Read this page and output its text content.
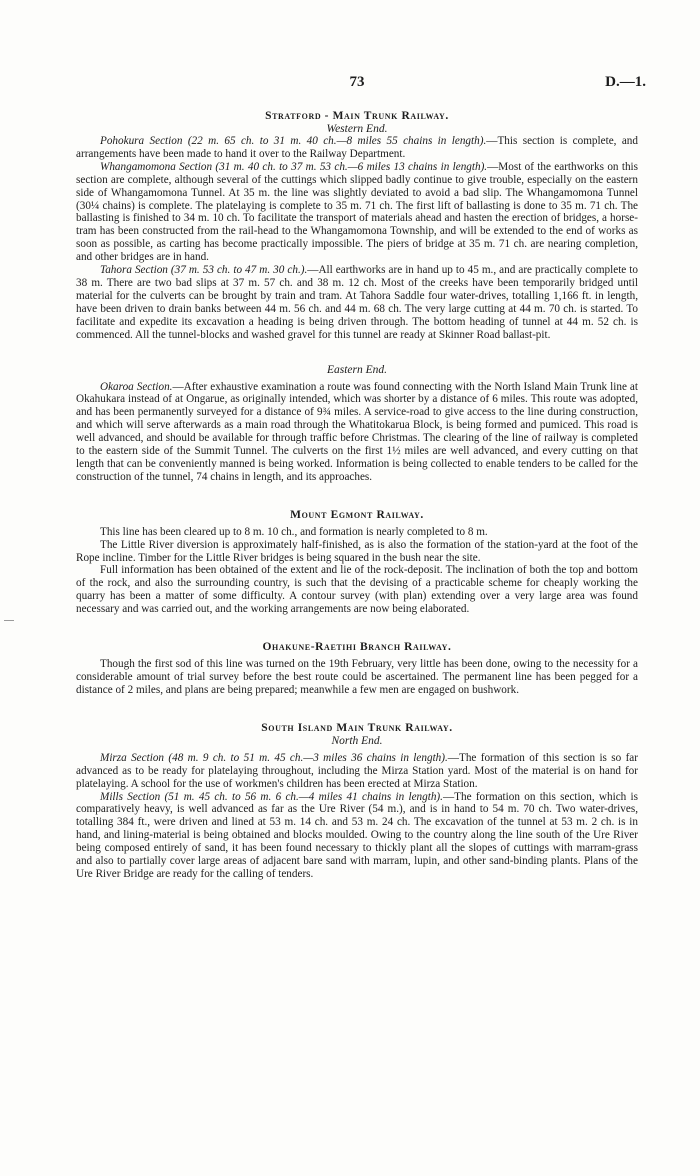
73	D.—1.
Stratford - Main Trunk Railway.
Western End.

Pohokura Section (22 m. 65 ch. to 31 m. 40 ch.—8 miles 55 chains in length).—This section is complete, and arrangements have been made to hand it over to the Railway Department.

Whangamomona Section (31 m. 40 ch. to 37 m. 53 ch.—6 miles 13 chains in length).—Most of the earthworks on this section are complete, although several of the cuttings which slipped badly continue to give trouble, especially on the eastern side of Whangamomona Tunnel. At 35 m. the line was slightly deviated to avoid a bad slip. The Whangamomona Tunnel (30¼ chains) is complete. The platelaying is complete to 35 m. 71 ch. The first lift of ballasting is done to 35 m. 71 ch. The ballasting is finished to 34 m. 10 ch. To facilitate the transport of materials ahead and hasten the erection of bridges, a horse-tram has been constructed from the rail-head to the Whangamomona Township, and will be extended to the end of works as soon as possible, as carting has become practically impossible. The piers of bridge at 35 m. 71 ch. are nearing completion, and other bridges are in hand.

Tahora Section (37 m. 53 ch. to 47 m. 30 ch.).—All earthworks are in hand up to 45 m., and are practically complete to 38 m. There are two bad slips at 37 m. 57 ch. and 38 m. 12 ch. Most of the creeks have been temporarily bridged until material for the culverts can be brought by train and tram. At Tahora Saddle four water-drives, totalling 1,166 ft. in length, have been driven to drain banks between 44 m. 56 ch. and 44 m. 68 ch. The very large cutting at 44 m. 70 ch. is started. To facilitate and expedite its excavation a heading is being driven through. The bottom heading of tunnel at 44 m. 52 ch. is commenced. All the tunnel-blocks and washed gravel for this tunnel are ready at Skinner Road ballast-pit.

Eastern End.

Okaroa Section.—After exhaustive examination a route was found connecting with the North Island Main Trunk line at Okahukara instead of at Ongarue, as originally intended, which was shorter by a distance of 6 miles. This route was adopted, and has been permanently surveyed for a distance of 9¾ miles. A service-road to give access to the line during construction, and which will serve afterwards as a main road through the Whatitokarua Block, is being formed and pumiced. This road is well advanced, and should be available for through traffic before Christmas. The clearing of the line of railway is completed to the eastern side of the Summit Tunnel. The culverts on the first 1½ miles are well advanced, and every cutting on that length that can be conveniently manned is being worked. Information is being collected to enable tenders to be called for the construction of the tunnel, 74 chains in length, and its approaches.

Mount Egmont Railway.

This line has been cleared up to 8 m. 10 ch., and formation is nearly completed to 8 m.

The Little River diversion is approximately half-finished, as is also the formation of the station-yard at the foot of the Rope incline. Timber for the Little River bridges is being squared in the bush near the site.

Full information has been obtained of the extent and lie of the rock-deposit. The inclination of both the top and bottom of the rock, and also the surrounding country, is such that the devising of a practicable scheme for cheaply working the quarry has been a matter of some difficulty. A contour survey (with plan) extending over a very large area was found necessary and was carried out, and the working arrangements are now being elaborated.

Ohakune-Raetihi Branch Railway.

Though the first sod of this line was turned on the 19th February, very little has been done, owing to the necessity for a considerable amount of trial survey before the best route could be ascertained. The permanent line has been pegged for a distance of 2 miles, and plans are being prepared; meanwhile a few men are engaged on bushwork.

South Island Main Trunk Railway.
North End.

Mirza Section (48 m. 9 ch. to 51 m. 45 ch.—3 miles 36 chains in length).—The formation of this section is so far advanced as to be ready for platelaying throughout, including the Mirza Station yard. Most of the material is on hand for platelaying. A school for the use of workmen's children has been erected at Mirza Station.

Mills Section (51 m. 45 ch. to 56 m. 6 ch.—4 miles 41 chains in length).—The formation on this section, which is comparatively heavy, is well advanced as far as the Ure River (54 m.), and is in hand to 54 m. 70 ch. Two water-drives, totalling 384 ft., were driven and lined at 53 m. 14 ch. and 53 m. 24 ch. The excavation of the tunnel at 53 m. 2 ch. is in hand, and lining-material is being obtained and blocks moulded. Owing to the country along the line south of the Ure River being composed entirely of sand, it has been found necessary to thickly plant all the slopes of cuttings with marram-grass and also to partially cover large areas of adjacent bare sand with marram, lupin, and other sand-binding plants. Plans of the Ure River Bridge are ready for the calling of tenders.
